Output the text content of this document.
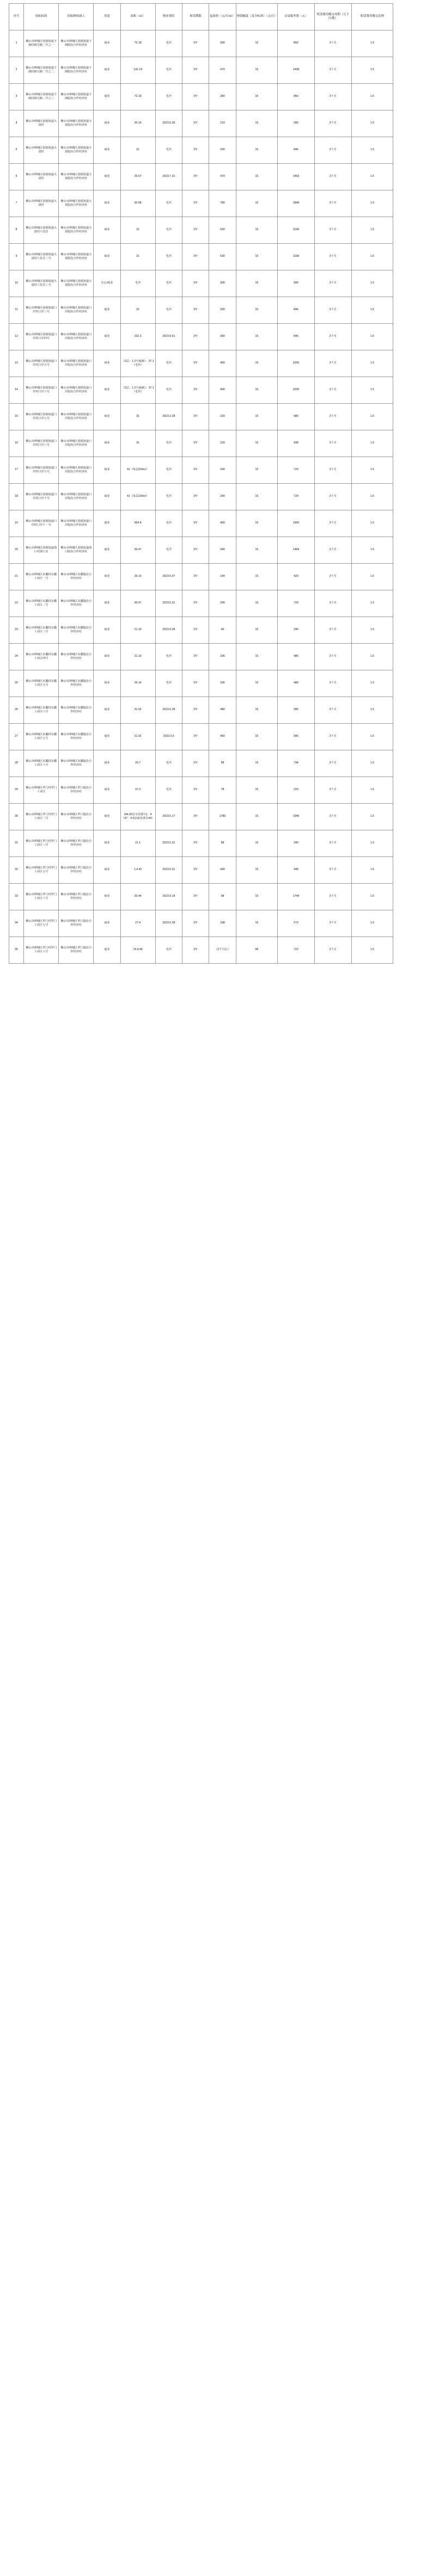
序号	招标标的	招标物权属人	用途	面积（㎡）	物业现状	租赁期限	起始价（元/月/㎡）	增值幅度（及分标准）（元/月）	交易服务费（元）	租赁费用缴交周期（几个月/期）	租赁费用缴交比例
1	佛山市禅城区张槎街道下朗村朗宝路二号之一	佛山市禅城区张槎街道下朗股份合作经济社	商业	72.18	毛坯	3年	280	15	856	3个月	1.5
2	佛山市禅城区张槎街道下朗村朗宝路二号之二	佛山市禅城区张槎街道下朗股份合作经济社	商业	141.19	毛坯	3年	470	15	1438	3个月	1.5
3	佛山市禅城区张槎街道下朗村朗宝路二号之三	佛山市禅城区张槎街道下朗股份合作经济社	商业	72.18	毛坯	3年	280	15	856	3个月	1.5
4	佛山市禅城区张槎街道大富村	佛山市禅城区张槎街道大富股份合作经济社	商业	20.14	2023.5.30	3年	210	15	995	3个月	1.5
5	佛山市禅城区张槎街道大富村	佛山市禅城区张槎街道大富股份合作经济社	商业	21	毛坯	3年	200	15	846	3个月	1.5
6	佛山市禅城区张槎街道大富村	佛山市禅城区张槎街道大富股份合作经济社	商业	26.67	2023.7.31	3年	470	15	1463	3个月	1.5
7	佛山市禅城区张槎街道大富村	佛山市禅城区张槎街道大富股份合作经济社	商业	60.68	毛坯	3年	780	15	1846	3个月	1.5
8	佛山市禅城区张槎街道大富村六星首	佛山市禅城区张槎街道大富股份合作经济社	商业	21	毛坯	3年	530	15	1168	3个月	1.5
9	佛山市禅城区张槎街道大富村六星首二号	佛山市禅城区张槎街道大富股份合作经济社	商业	21	毛坯	3年	530	15	1168	3个月	1.5
10	佛山市禅城区张槎街道大富村六星首三号	佛山市禅城区张槎街道大富股份合作经济社	办公/商业	毛坯	毛坯	3年	300	15	995	3个月	1.5
11	佛山市禅城区张槎街道口岸村口岸三号	佛山市禅城区张槎街道口岸股份合作经济社	商业	31	毛坯	3年	200	15	846	3个月	1.5
12	佛山市禅城区张槎街道口岸村口岸四号	佛山市禅城区张槎街道口岸股份合作经济社	商业	232.3	2023.9.01	3年	300	15	846	3个月	1.5
13	佛山市禅城区张槎街道口岸村口岸五号	佛山市禅城区张槎街道口岸股份合作经济社	商业	（2层：1.2号商铺）：37.1（毛坯）	毛坯	3年	400	15	2200	3个月	1.5
14	佛山市禅城区张槎街道口岸村口岸六号	佛山市禅城区张槎街道口岸股份合作经济社	商业	（2层：1.2号商铺）：37.1（毛坯）	毛坯	3年	400	15	2200	3个月	1.5
15	佛山市禅城区张槎街道口岸村口岸七号	佛山市禅城区张槎街道口岸股份合作经济社	商业	31	2023.2.28	3年	220	15	980	3个月	1.5
16	佛山市禅城区张槎街道口岸村口岸八号	佛山市禅城区张槎街道口岸股份合作经济社	商业	31	毛坯	3年	220	15	438	3个月	1.5
17	佛山市禅城区张槎街道口岸村口岸九号	佛山市禅城区张槎街道口岸股份合作经济社	商业	41（每层234㎡）	毛坯	3年	240	15	720	3个月	1.5
18	佛山市禅城区张槎街道口岸村口岸十号	佛山市禅城区张槎街道口岸股份合作经济社	商业	41（每层234㎡）	毛坯	3年	240	15	720	3个月	1.5
19	佛山市禅城区张槎街道口岸村口岸十一号	佛山市禅城区张槎街道口岸股份合作经济社	商业	664.4	毛坯	3年	400	15	1900	3个月	1.5
20	佛山市禅城区张槎街道海口村海口北	佛山市禅城区张槎街道海口股份合作经济社	商业	66.47	毛坯	3年	340	15	1469	3个月	1.5
21	佛山市禅城区东鄱村东鄱工业区一号	佛山市禅城区东鄱股份合作经济社	商业	26.10	2023.5.07	3年	194	15	420	3个月	1.5
22	佛山市禅城区东鄱村东鄱工业区二号	佛山市禅城区东鄱股份合作经济社	商业	66.47	2023.5.31	3年	240	15	720	3个月	1.5
23	佛山市禅城区东鄱村东鄱工业区三号	佛山市禅城区东鄱股份合作经济社	商业	21.19	2023.9.28	3年	40	15	240	3个月	1.5
24	佛山市禅城区东鄱村东鄱工业区四号	佛山市禅城区东鄱股份合作经济社	商业	21.19	毛坯	3年	196	15	486	3个月	1.5
25	佛山市禅城区东鄱村东鄱工业区五号	佛山市禅城区东鄱股份合作经济社	商业	26.14	毛坯	3年	196	15	486	3个月	1.5
26	佛山市禅城区东鄱村东鄱工业区六号	佛山市禅城区东鄱股份合作经济社	商业	31.02	2023.5.28	3年	480	15	995	3个月	1.5
27	佛山市禅城区东鄱村东鄱工业区七号	佛山市禅城区东鄱股份合作经济社	商业	21.02	2023.5.5	3年	460	15	995	3个月	1.5
28	佛山市禅城区东鄱村东鄱工业区八号	佛山市禅城区东鄱股份合作经济社	商业	26.7	毛坯	3年	98	15	734	3个月	1.5
29	佛山市禅城区罗门村罗门工业区	佛山市禅城区罗门股份合作经济社	商业	97.3	毛坯	3年	78	15	220	3个月	1.5
30	佛山市禅城区罗门村罗门工业区二号	佛山市禅城区罗门股份合作经济社	商业	(44.02层专用部分)：4（47：4.5层商业部分44）	2023.5.17	3年	1780	15	1946	3个月	1.5
31	佛山市禅城区罗门村罗门工业区三号	佛山市禅城区罗门股份合作经济社	商业	21.1	2023.5.31	3年	98	15	240	3个月	1.5
32	佛山市禅城区罗门村罗门工业区五号	佛山市禅城区罗门股份合作经济社	商业	1.4.42	2023.5.31	3年	440	15	438	3个月	1.5
33	佛山市禅城区罗门村罗门工业区六号	佛山市禅城区罗门股份合作经济社	商业	20.44	2023.9.18	3年	98	15	1744	3个月	1.5
34	佛山市禅城区罗门村罗门工业区七号	佛山市禅城区罗门股份合作经济社	商业	27.4	2023.5.28	3年	198	15	273	3个月	1.5
35	佛山市禅城区罗门村罗门工业区八号	佛山市禅城区罗门股份合作经济社	商业	19.8.46	毛坯	3年	（2个月后）	98	722	2个月	1.5
